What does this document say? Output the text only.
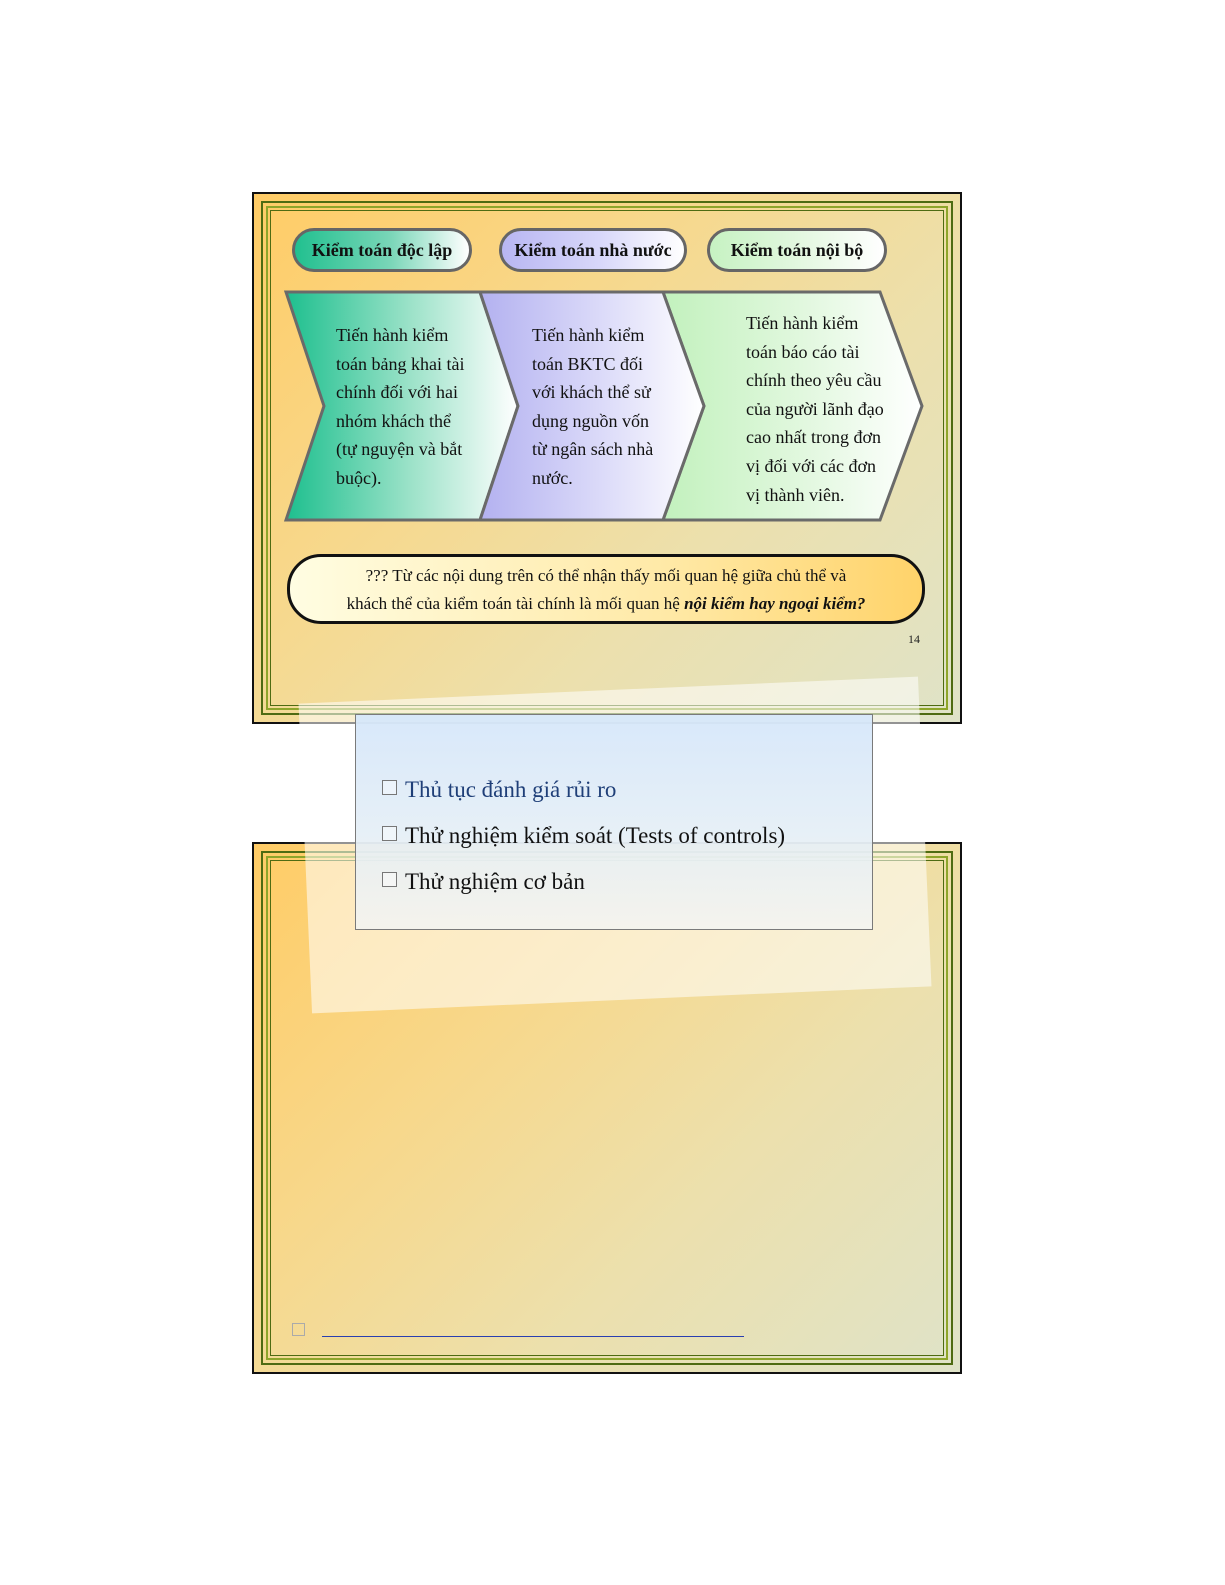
Kiểm toán độc lập	Kiểm toán nhà nước	Kiểm toán nội bộ
Tiến hành kiểm
toán bảng khai tài
chính đối với hai
nhóm khách thể
(tự nguyện và bắt
buộc).
Tiến hành kiểm
toán BKTC đối
với khách thể sử
dụng nguồn vốn
từ ngân sách nhà
nước.
Tiến hành kiểm
toán báo cáo tài
chính theo yêu cầu
của người lãnh đạo
cao nhất trong đơn
vị đối với các đơn
vị thành viên.
??? Từ các nội dung trên có thể nhận thấy mối quan hệ giữa chủ thể và
khách thể của kiểm toán tài chính là mối quan hệ nội kiểm hay ngoại kiểm?
14
Thủ tục đánh giá rủi ro
Thử nghiệm kiểm soát (Tests of controls)
Thử nghiệm cơ bản
